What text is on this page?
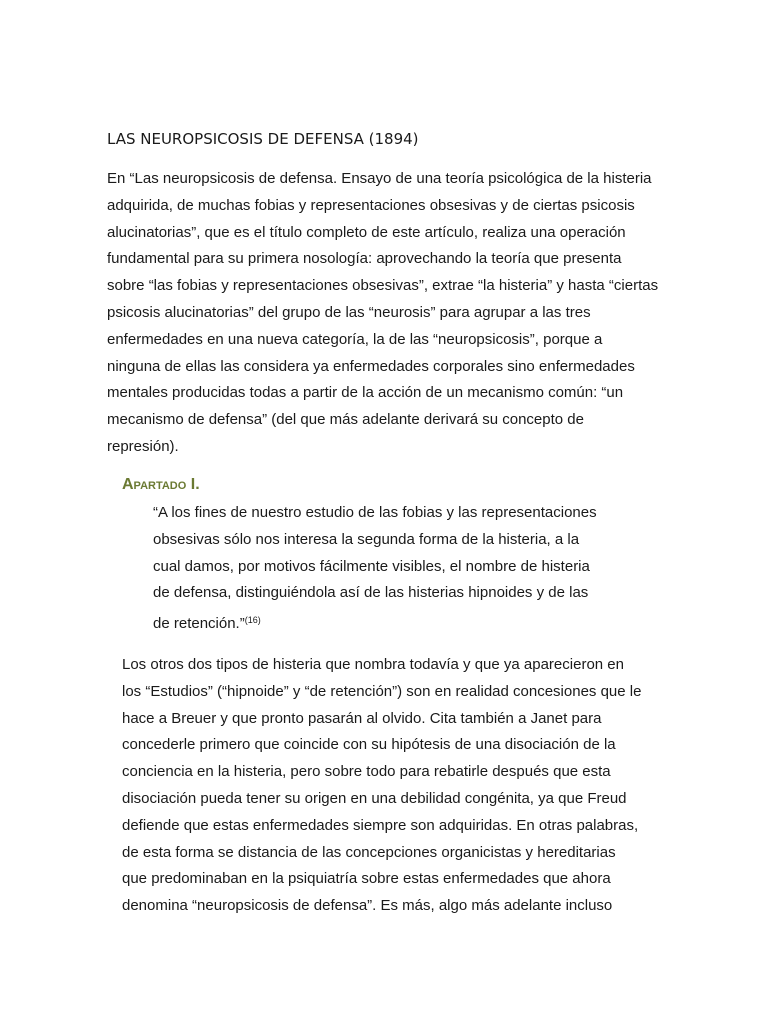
LAS NEUROPSICOSIS DE DEFENSA (1894)
En “Las neuropsicosis de defensa. Ensayo de una teoría psicológica de la histeria
adquirida, de muchas fobias y representaciones obsesivas y de ciertas psicosis
alucinatorias”, que es el título completo de este artículo, realiza una operación
fundamental para su primera nosología: aprovechando la teoría que presenta
sobre “las fobias y representaciones obsesivas”, extrae “la histeria” y hasta “ciertas
psicosis alucinatorias” del grupo de las “neurosis” para agrupar a las tres
enfermedades en una nueva categoría, la de las “neuropsicosis”, porque a
ninguna de ellas las considera ya enfermedades corporales sino enfermedades
mentales producidas todas a partir de la acción de un mecanismo común: “un
mecanismo de defensa” (del que más adelante derivará su concepto de
represión).
Apartado I.
“A los fines de nuestro estudio de las fobias y las representaciones
obsesivas sólo nos interesa la segunda forma de la histeria, a la
cual damos, por motivos fácilmente visibles, el nombre de histeria
de defensa, distinguiéndola así de las histerias hipnoides y de las
de retención.”$^{(16)}$
Los otros dos tipos de histeria que nombra todavía y que ya aparecieron en
los “Estudios” (“hipnoide” y “de retención”) son en realidad concesiones que le
hace a Breuer y que pronto pasarán al olvido. Cita también a Janet para
concederle primero que coincide con su hipótesis de una disociación de la
conciencia en la histeria, pero sobre todo para rebatirle después que esta
disociación pueda tener su origen en una debilidad congénita, ya que Freud
defiende que estas enfermedades siempre son adquiridas. En otras palabras,
de esta forma se distancia de las concepciones organicistas y hereditarias
que predominaban en la psiquiatría sobre estas enfermedades que ahora
denomina “neuropsicosis de defensa”. Es más, algo más adelante incluso
